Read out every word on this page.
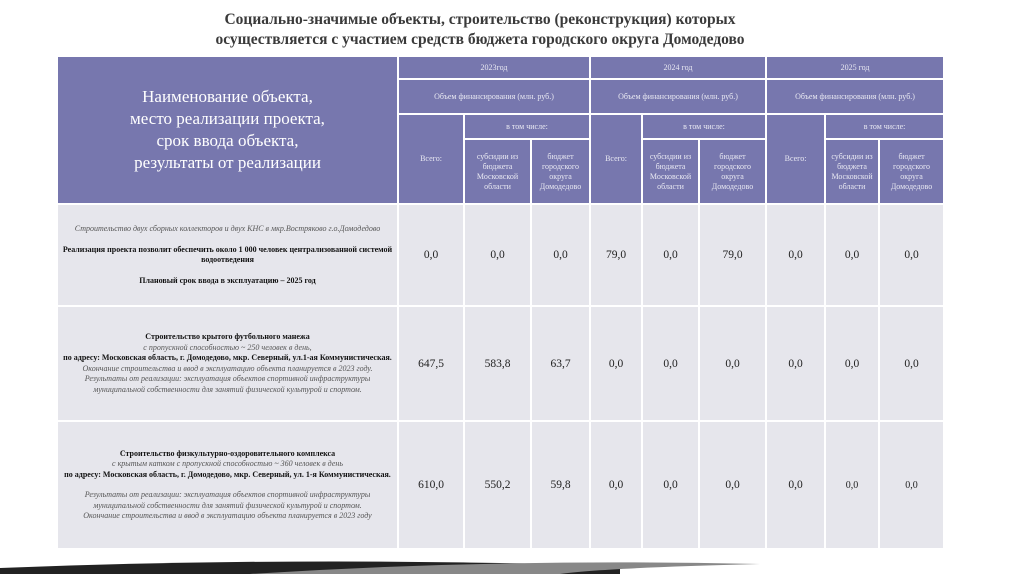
Социально-значимые объекты, строительство (реконструкция) которых
осуществляется с участием средств бюджета городского округа Домодедово
Наименование объекта,
место реализации проекта,
срок ввода объекта,
результаты от реализации	2023год			2024 год			2025 год		
	Объем финансирования (млн. руб.)			Объем финансирования (млн. руб.)			Объем финансирования (млн. руб.)		
	Всего:	в том числе:		Всего:	в том числе:		Всего:	в том числе:	
		субсидии из бюджета Московской области	бюджет городского округа Домодедово		субсидии из бюджета Московской области	бюджет городского округа Домодедово		субсидии из бюджета Московской области	бюджет городского округа Домодедово

Строительство двух сборных коллекторов и двух КНС в мкр.Востряково г.о.Домодедово
Реализация проекта позволит обеспечить около 1 000 человек централизованной системой водоотведения
Плановый срок ввода в эксплуатацию – 2025 год	0,0	0,0	0,0	79,0	0,0	79,0	0,0	0,0	0,0

Строительство крытого футбольного манежа
с пропускной способностью ~ 250 человек в день,
по адресу: Московская область, г. Домодедово, мкр. Северный, ул.1-ая Коммунистическая.
Окончание строительства и ввод в эксплуатацию объекта планируется в 2023 году.
Результаты от реализации: эксплуатация объектов спортивной инфраструктуры муниципальной собственности для занятий физической культурой и спортом.	647,5	583,8	63,7	0,0	0,0	0,0	0,0	0,0	0,0

Строительство физкультурно-оздоровительного комплекса
с крытым катком с пропускной способностью ~ 360 человек в день
по адресу: Московская область, г. Домодедово, мкр. Северный, ул. 1-я Коммунистическая.
Результаты от реализации: эксплуатация объектов спортивной инфраструктуры муниципальной собственности для занятий физической культурой и спортом.
Окончание строительства и ввод в эксплуатацию объекта планируется в 2023 году	610,0	550,2	59,8	0,0	0,0	0,0	0,0	0,0	0,0
